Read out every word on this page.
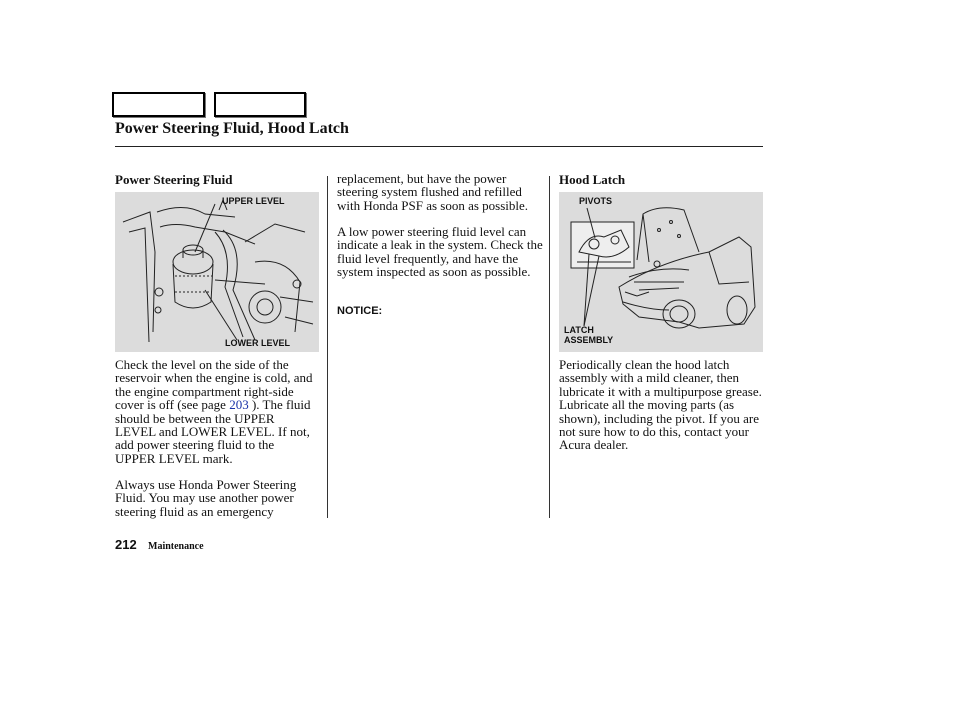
Power Steering Fluid, Hood Latch
Power Steering Fluid
UPPER LEVEL
LOWER LEVEL

Check the level on the side of the reservoir when the engine is cold, and the engine compartment right-side cover is off (see page 203 ). The fluid should be between the UPPER LEVEL and LOWER LEVEL. If not, add power steering fluid to the UPPER LEVEL mark.

Always use Honda Power Steering Fluid. You may use another power steering fluid as an emergency

replacement, but have the power steering system flushed and refilled with Honda PSF as soon as possible.

A low power steering fluid level can indicate a leak in the system. Check the fluid level frequently, and have the system inspected as soon as possible.

NOTICE:
Hood Latch
PIVOTS
LATCH
ASSEMBLY

Periodically clean the hood latch assembly with a mild cleaner, then lubricate it with a multipurpose grease. Lubricate all the moving parts (as shown), including the pivot. If you are not sure how to do this, contact your Acura dealer.

212 Maintenance
